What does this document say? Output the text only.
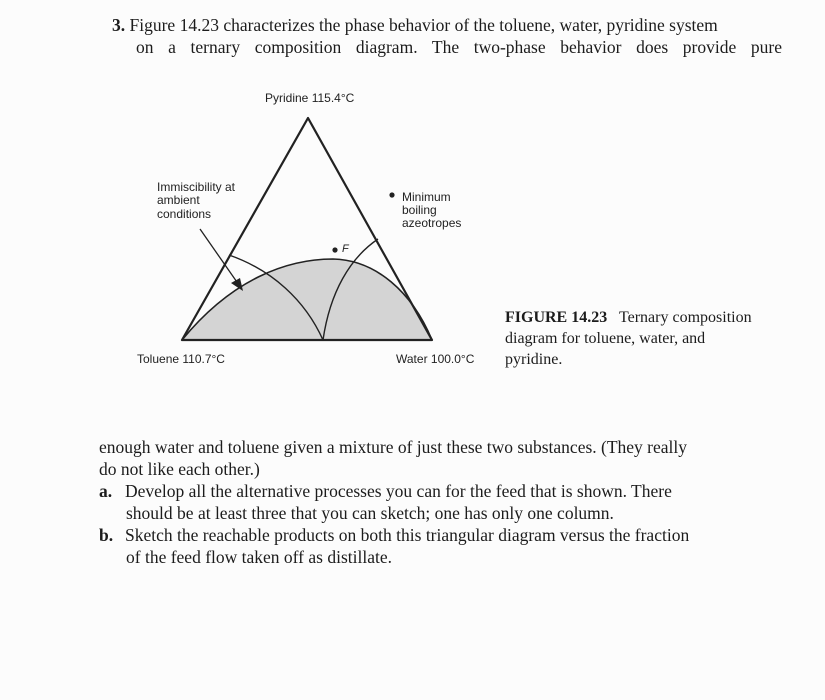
3. Figure 14.23 characterizes the phase behavior of the toluene, water, pyridine system
on a ternary composition diagram. The two-phase behavior does provide pure
Pyridine 115.4°C
Toluene 110.7°C	Water 100.0°C
Immiscibility at
ambient
conditions
Minimum
boiling
azeotropes
F
FIGURE 14.23 Ternary composition
diagram for toluene, water, and
pyridine.
enough water and toluene given a mixture of just these two substances. (They really
do not like each other.)
a. Develop all the alternative processes you can for the feed that is shown. There
should be at least three that you can sketch; one has only one column.
b. Sketch the reachable products on both this triangular diagram versus the fraction
of the feed flow taken off as distillate.
